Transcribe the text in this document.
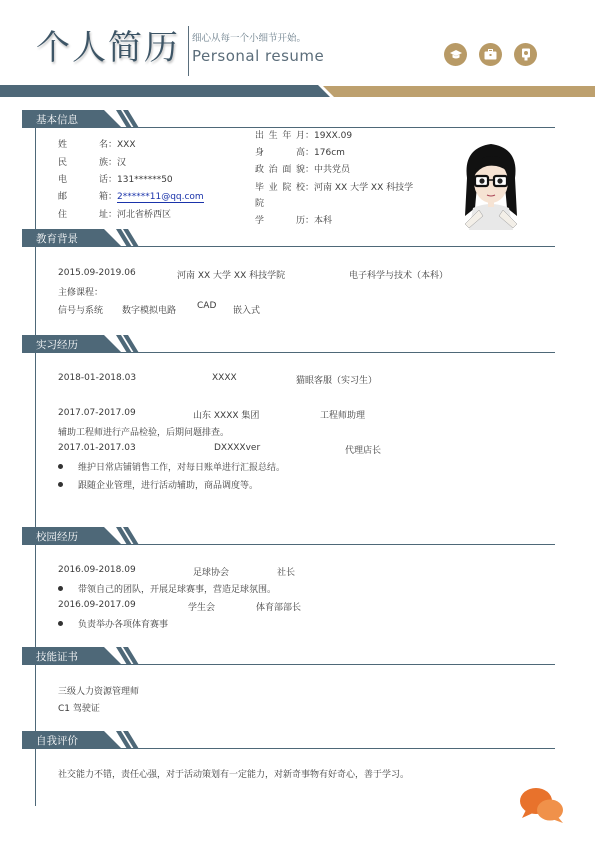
个人简历 细心从每一个小细节开始。
Personal resume
基本信息
姓 名：XXX
民 族：汉
电 话：131******50
邮 箱：2******11@qq.com
住 址：河北省桥西区
出生年月：19XX.09
身 高：176cm
政治面貌：中共党员
毕业院校：河南 XX 大学 XX 科技学
院
学 历：本科
教育背景
2015.09-2019.06	河南 XX 大学 XX 科技学院	电子科学与技术（本科）
主修课程：
信号与系统 数字模拟电路 CAD 嵌入式
实习经历
2018-01-2018.03	XXXX	猫眼客服（实习生）
2017.07-2017.09	山东 XXXX 集团	工程师助理
辅助工程师进行产品检验，后期问题排查。
2017.01-2017.03	DXXXXver	代理店长
维护日常店铺销售工作，对每日账单进行汇报总结。
跟随企业管理，进行活动辅助，商品调度等。
校园经历
2016.09-2018.09	足球协会	社长
带领自己的团队，开展足球赛事，营造足球氛围。
2016.09-2017.09	学生会	体育部部长
负责举办各项体育赛事
技能证书
三级人力资源管理师
C1 驾驶证
自我评价
社交能力不错，责任心强，对于活动策划有一定能力，对新奇事物有好奇心，善于学习。
